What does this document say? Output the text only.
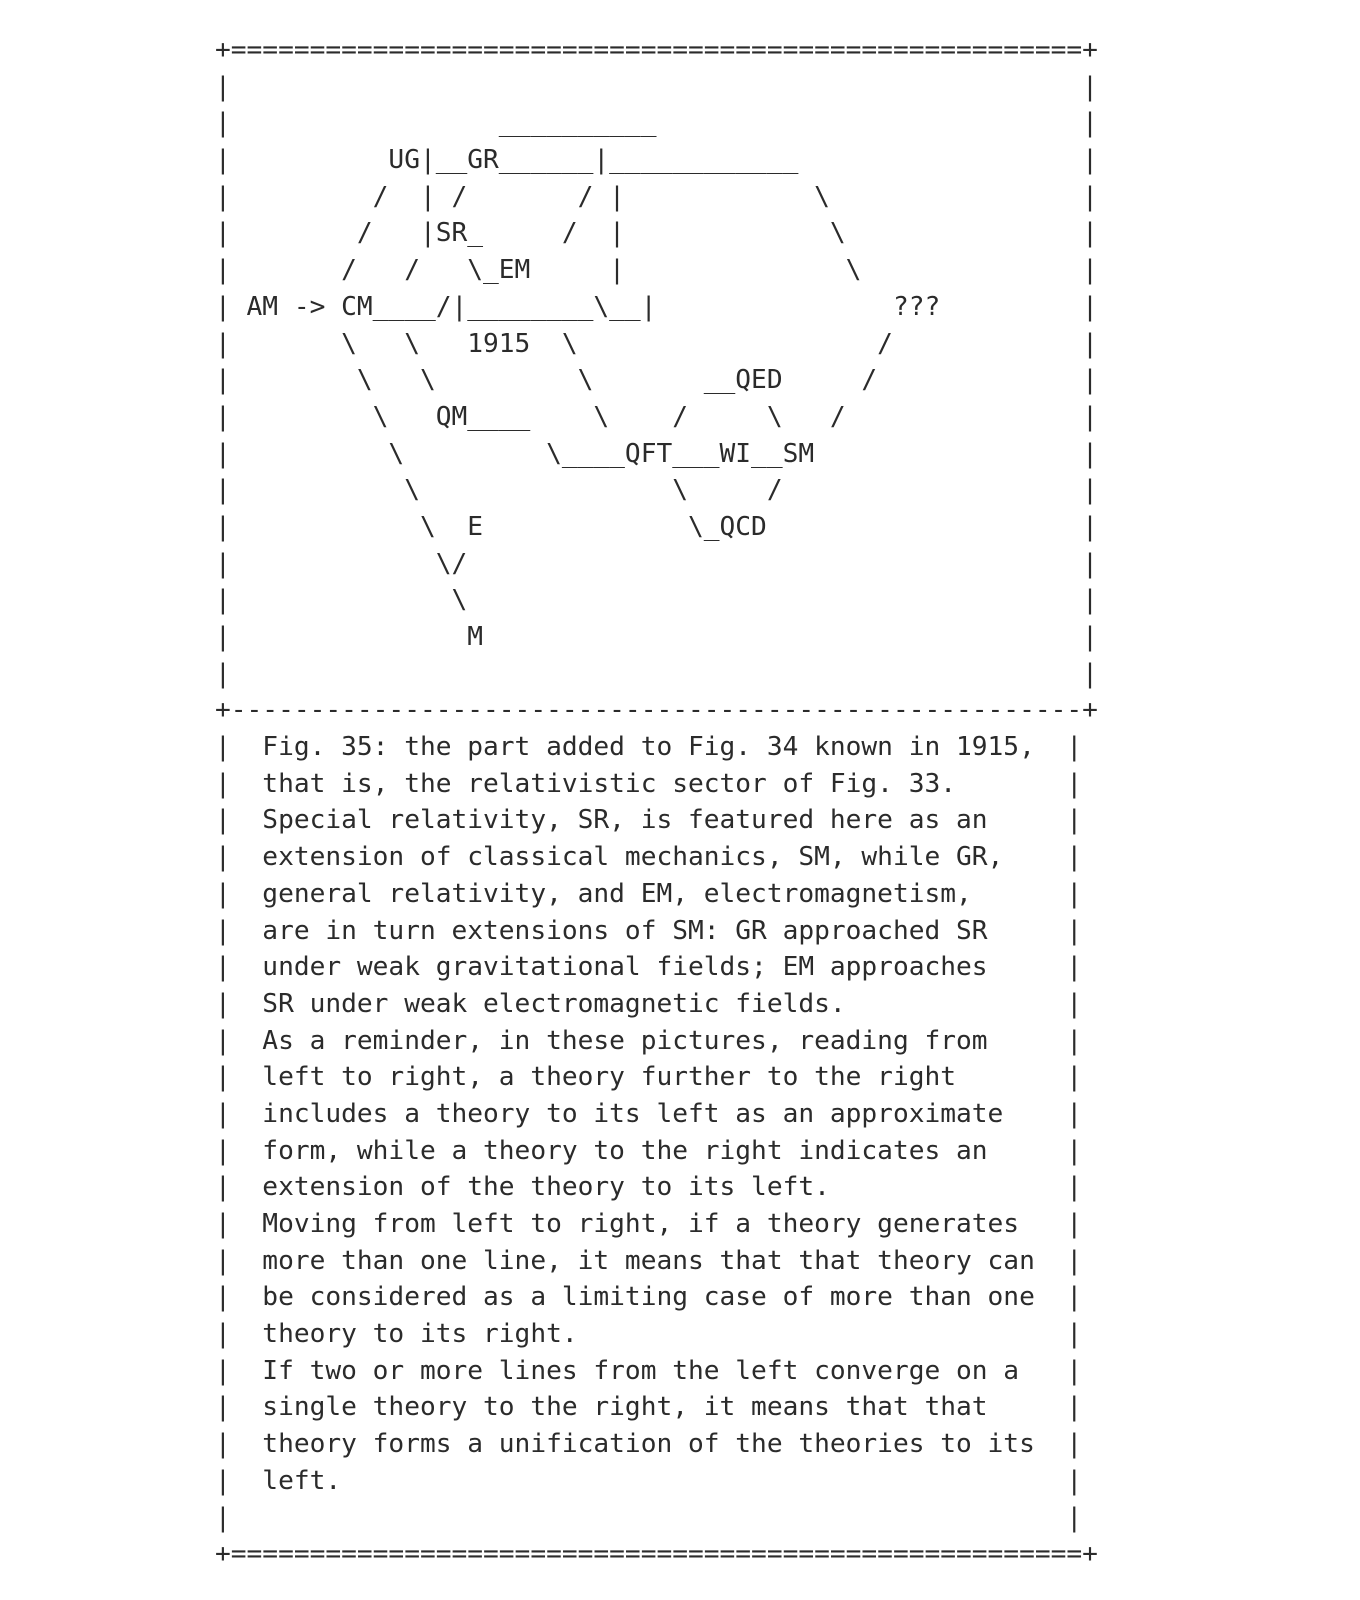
+======================================================+
|                                                      |
|                 __________                           |
|          UG|__GR______|____________                  |
|         /  | /       / |            \                |
|        /   |SR_     /  |             \               |
|       /   /   \_EM     |              \              |
| AM -> CM____/|________\__|               ???         |
|       \   \   1915  \                   /            |
|        \   \         \       __QED     /             |
|         \   QM____    \    /     \   /               |
|          \         \____QFT___WI__SM                 |
|           \                \     /                   |
|            \  E             \_QCD                    |
|             \/                                       |
|              \                                       |
|               M                                      |
|                                                      |
+------------------------------------------------------+
|  Fig. 35: the part added to Fig. 34 known in 1915,  |
|  that is, the relativistic sector of Fig. 33.       |
|  Special relativity, SR, is featured here as an     |
|  extension of classical mechanics, SM, while GR,    |
|  general relativity, and EM, electromagnetism,      |
|  are in turn extensions of SM: GR approached SR     |
|  under weak gravitational fields; EM approaches     |
|  SR under weak electromagnetic fields.              |
|  As a reminder, in these pictures, reading from     |
|  left to right, a theory further to the right       |
|  includes a theory to its left as an approximate    |
|  form, while a theory to the right indicates an     |
|  extension of the theory to its left.               |
|  Moving from left to right, if a theory generates   |
|  more than one line, it means that that theory can  |
|  be considered as a limiting case of more than one  |
|  theory to its right.                               |
|  If two or more lines from the left converge on a   |
|  single theory to the right, it means that that     |
|  theory forms a unification of the theories to its  |
|  left.                                              |
|                                                     |
+======================================================+
